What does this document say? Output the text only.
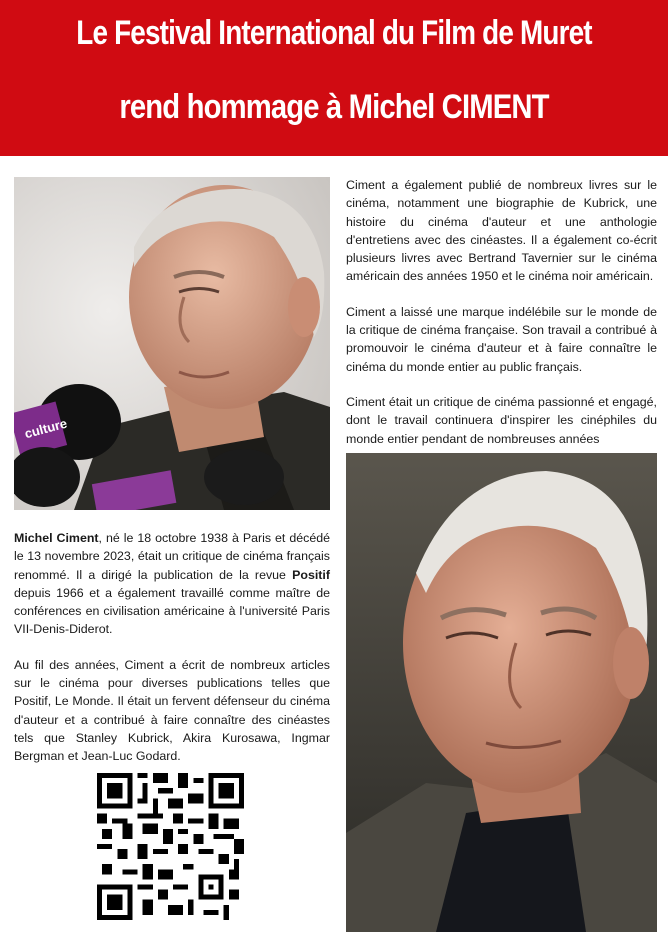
Le Festival International du Film de Muret
rend hommage à Michel CIMENT
culture

Ciment a également publié de nombreux livres sur le cinéma, notamment une biographie de Kubrick, une histoire du cinéma d'auteur et une anthologie d'entretiens avec des cinéastes. Il a également co-écrit plusieurs livres avec Bertrand Tavernier sur le cinéma américain des années 1950 et le cinéma noir américain.

Ciment a laissé une marque indélébile sur le monde de la critique de cinéma française. Son travail a contribué à promouvoir le cinéma d'auteur et à faire connaître le cinéma du monde entier au public français.

Ciment était un critique de cinéma passionné et engagé, dont le travail continuera d'inspirer les cinéphiles du monde entier pendant de nombreuses années

Michel Ciment, né le 18 octobre 1938 à Paris et décédé le 13 novembre 2023, était un critique de cinéma français renommé. Il a dirigé la publication de la revue Positif depuis 1966 et a également travaillé comme maître de conférences en civilisation américaine à l'université Paris VII-Denis-Diderot.

Au fil des années, Ciment a écrit de nombreux articles sur le cinéma pour diverses publications telles que Positif, Le Monde. Il était un fervent défenseur du cinéma d'auteur et a contribué à faire connaître des cinéastes tels que Stanley Kubrick, Akira Kurosawa, Ingmar Bergman et Jean-Luc Godard.
